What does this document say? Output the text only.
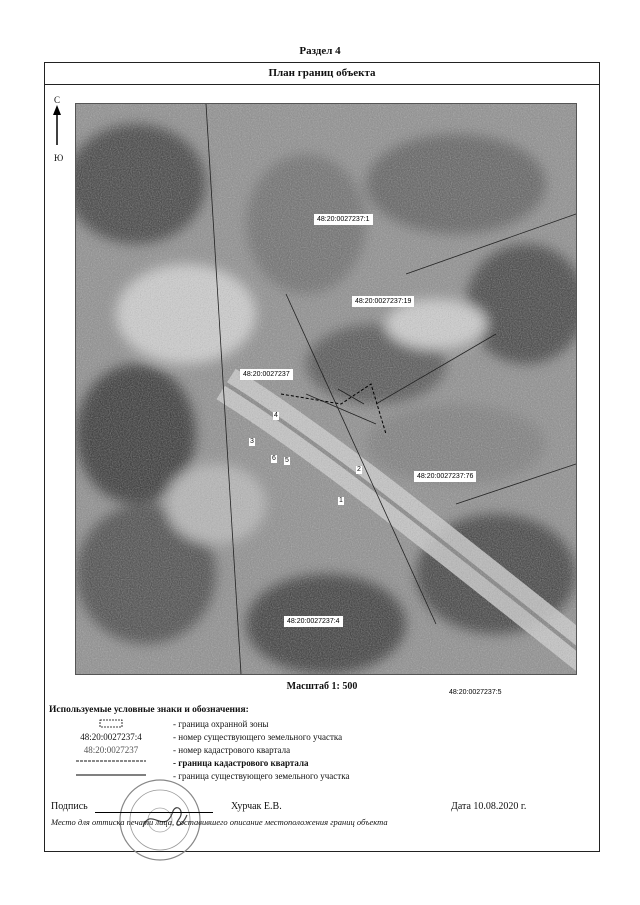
Раздел 4
План границ объекта
С
Ю
48:20:0027237:1
48:20:0027237:19
48:20:0027237
48:20:0027237:76
48:20:0027237:4
48:20:0027237:5
1
2
3
4
5
6
Масштаб 1: 500
Используемые условные знаки и обозначения:
- граница охранной зоны
48:20:0027237:4	- номер существующего земельного участка
48:20:0027237	- номер кадастрового квартала
- граница кадастрового квартала
- граница существующего земельного участка
Подпись	Хурчак Е.В.	Дата 10.08.2020 г.
Место для оттиска печати лица, составившего описание местоположения границ объекта
